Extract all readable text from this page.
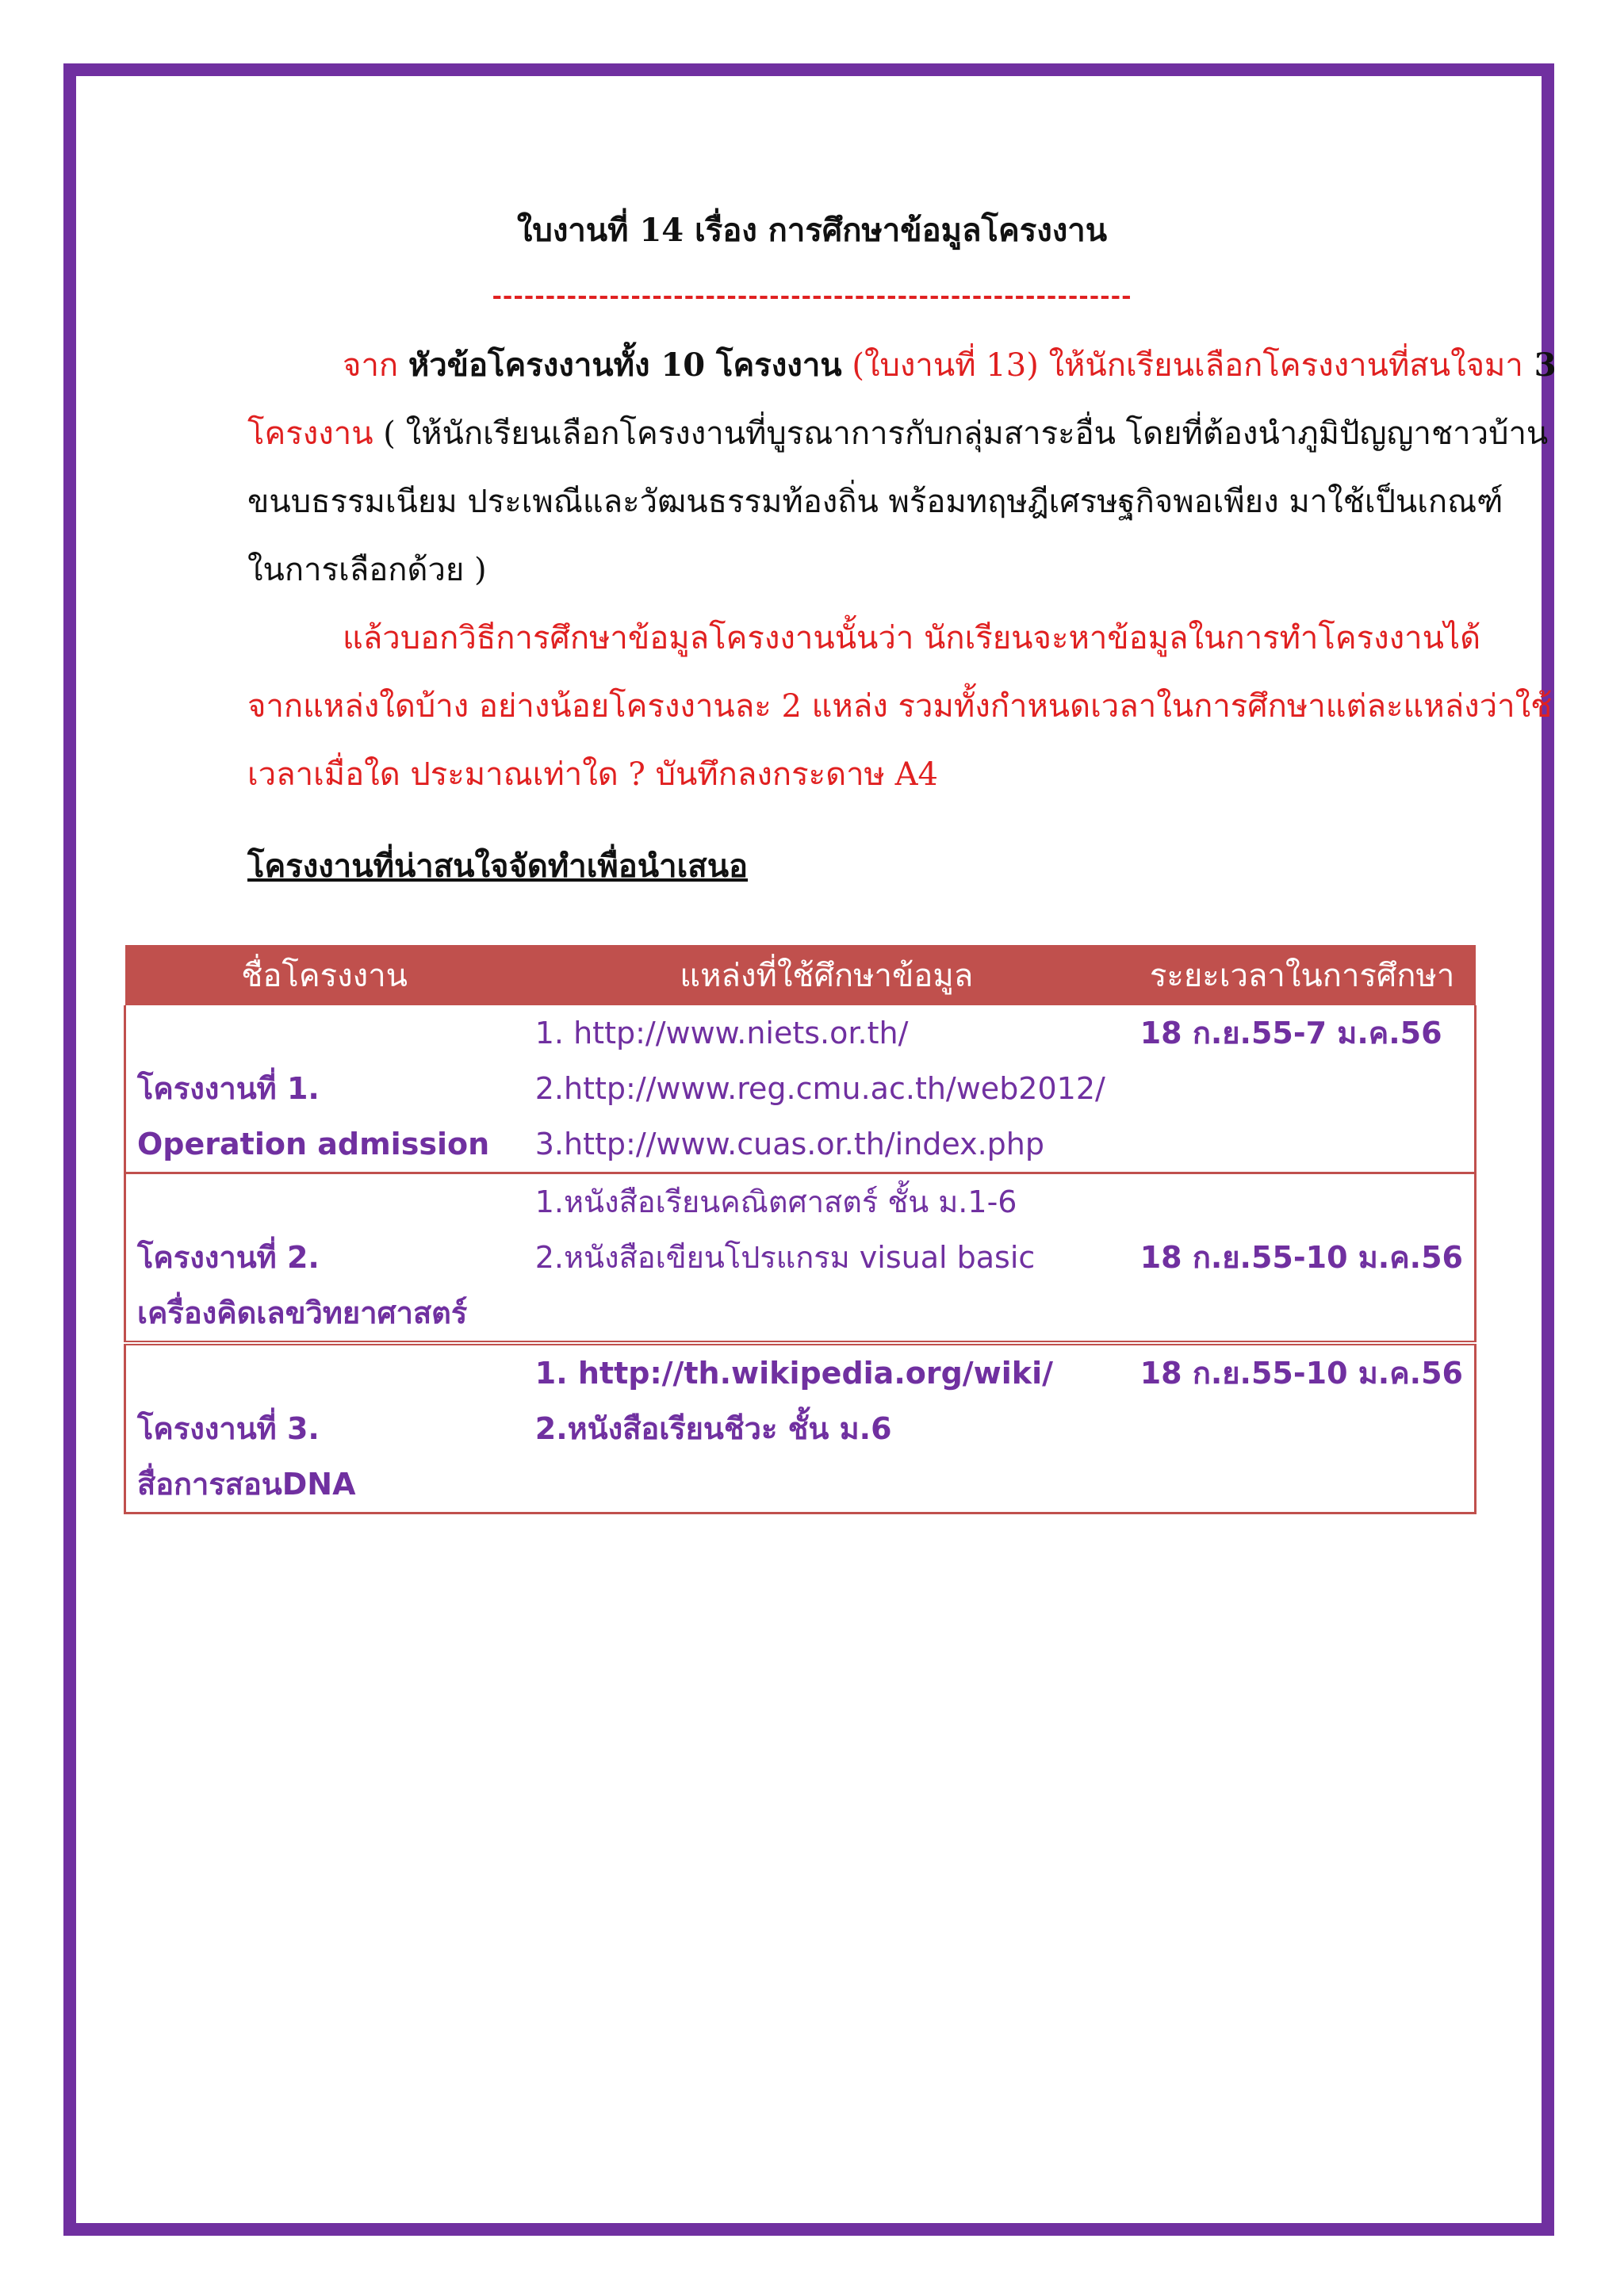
ใบงานที่ 14 เรื่อง การศึกษาข้อมูลโครงงาน
------------------------------------------------------------
จาก หัวข้อโครงงานทั้ง 10 โครงงาน (ใบงานที่ 13) ให้นักเรียนเลือกโครงงานที่สนใจมา 3
โครงงาน ( ให้นักเรียนเลือกโครงงานที่บูรณาการกับกลุ่มสาระอื่น โดยที่ต้องนำภูมิปัญญาชาวบ้าน
ขนบธรรมเนียม ประเพณีและวัฒนธรรมท้องถิ่น พร้อมทฤษฎีเศรษฐกิจพอเพียง มาใช้เป็นเกณฑ์
ในการเลือกด้วย )
แล้วบอกวิธีการศึกษาข้อมูลโครงงานนั้นว่า นักเรียนจะหาข้อมูลในการทำโครงงานได้
จากแหล่งใดบ้าง อย่างน้อยโครงงานละ 2 แหล่ง รวมทั้งกำหนดเวลาในการศึกษาแต่ละแหล่งว่าใช้
เวลาเมื่อใด ประมาณเท่าใด ? บันทึกลงกระดาษ A4
โครงงานที่น่าสนใจจัดทำเพื่อนำเสนอ
ชื่อโครงงาน	แหล่งที่ใช้ศึกษาข้อมูล	ระยะเวลาในการศึกษา

โครงงานที่ 1.
Operation admission	1. http://www.niets.or.th/
2.http://www.reg.cmu.ac.th/web2012/
3.http://www.cuas.or.th/index.php	18 ก.ย.55-7 ม.ค.56

โครงงานที่ 2.
เครื่องคิดเลขวิทยาศาสตร์	1.หนังสือเรียนคณิตศาสตร์ ชั้น ม.1-6
2.หนังสือเขียนโปรแกรม visual basic	18 ก.ย.55-10 ม.ค.56

โครงงานที่ 3.
สื่อการสอนDNA	1. http://th.wikipedia.org/wiki/
2.หนังสือเรียนชีวะ ชั้น ม.6	18 ก.ย.55-10 ม.ค.56
